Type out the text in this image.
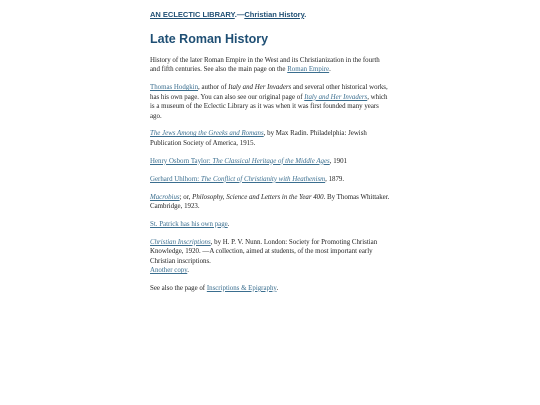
AN ECLECTIC LIBRARY.—Christian History.
Late Roman History

History of the later Roman Empire in the West and its Christianization in the fourth and fifth centuries. See also the main page on the Roman Empire.

Thomas Hodgkin, author of Italy and Her Invaders and several other historical works, has his own page. You can also see our original page of Italy and Her Invaders, which is a museum of the Eclectic Library as it was when it was first founded many years ago.

The Jews Among the Greeks and Romans, by Max Radin. Philadelphia: Jewish Publication Society of America, 1915.

Henry Osborn Taylor: The Classical Heritage of the Middle Ages, 1901

Gerhard Uhlhorn: The Conflict of Christianity with Heathenism, 1879.

Macrobius; or, Philosophy, Science and Letters in the Year 400. By Thomas Whittaker. Cambridge, 1923.

St. Patrick has his own page.

Christian Inscriptions, by H. P. V. Nunn. London: Society for Promoting Christian Knowledge, 1920. —A collection, aimed at students, of the most important early Christian inscriptions.
Another copy.

See also the page of Inscriptions & Epigraphy.
